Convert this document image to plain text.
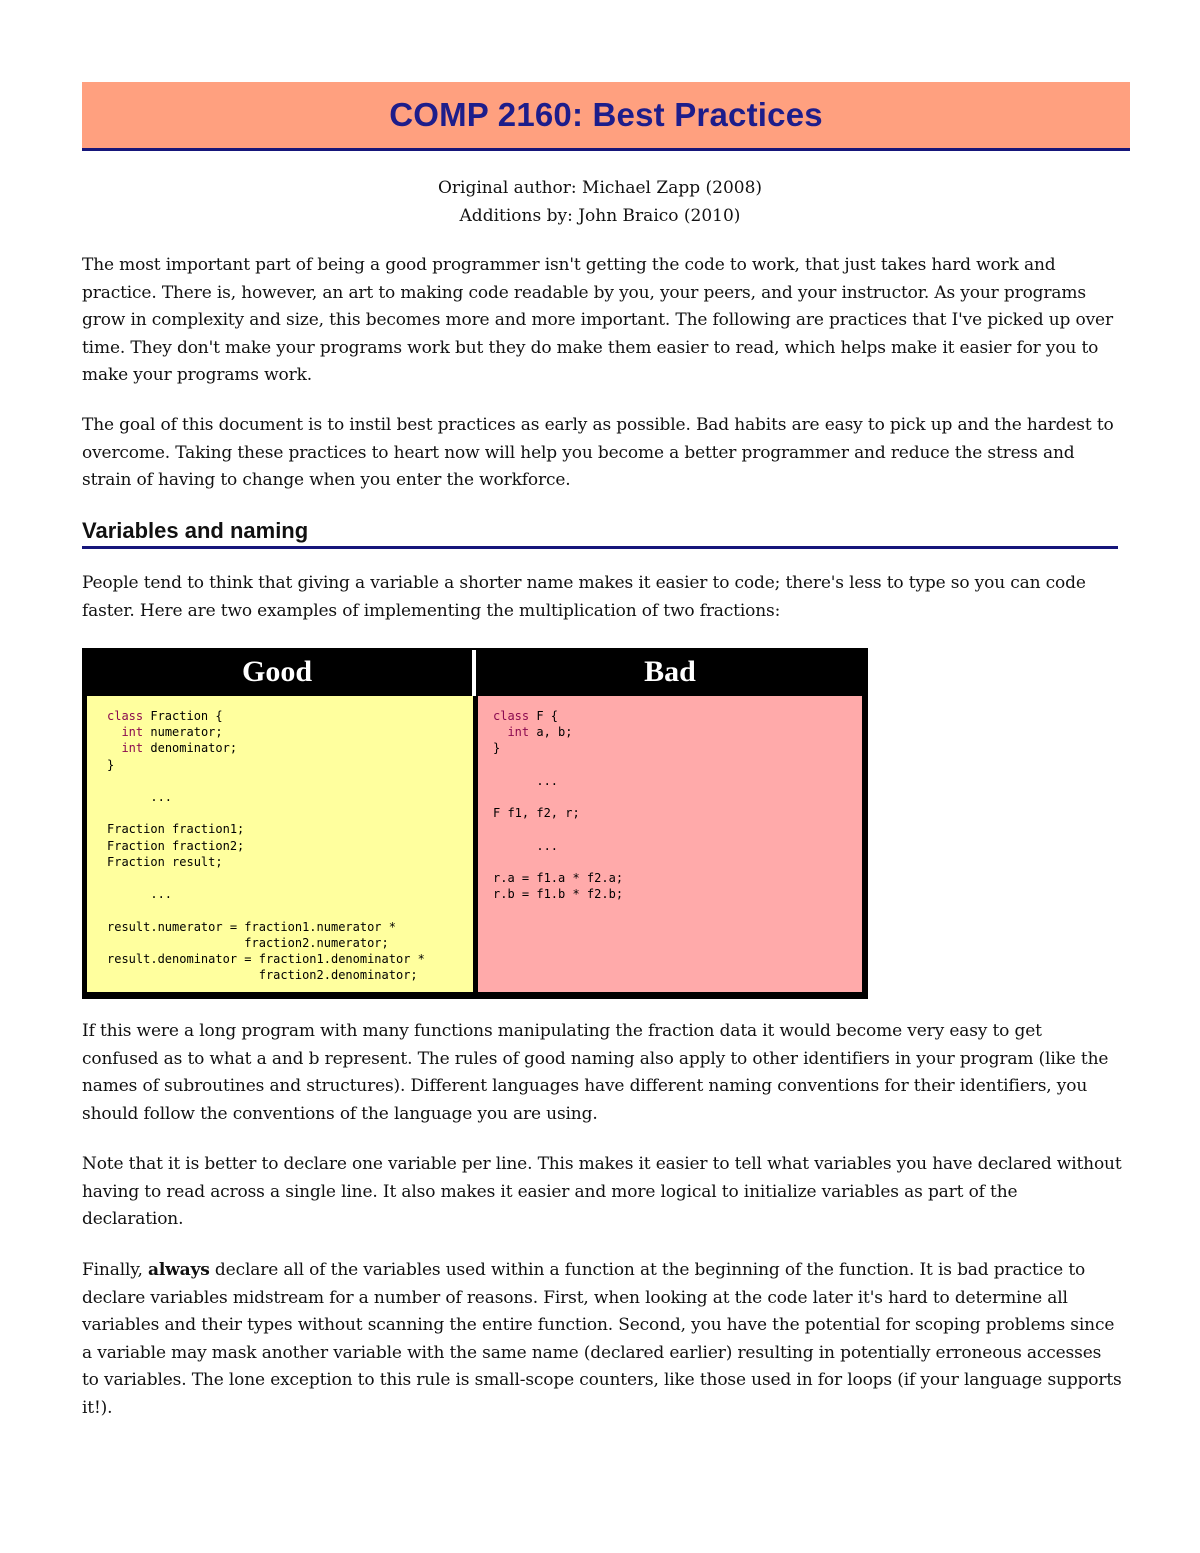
COMP 2160: Best Practices
Original author: Michael Zapp (2008)
Additions by: John Braico (2010)

The most important part of being a good programmer isn't getting the code to work, that just takes hard work and practice. There is, however, an art to making code readable by you, your peers, and your instructor. As your programs grow in complexity and size, this becomes more and more important. The following are practices that I've picked up over time. They don't make your programs work but they do make them easier to read, which helps make it easier for you to make your programs work.

The goal of this document is to instil best practices as early as possible. Bad habits are easy to pick up and the hardest to overcome. Taking these practices to heart now will help you become a better programmer and reduce the stress and strain of having to change when you enter the workforce.

Variables and naming

People tend to think that giving a variable a shorter name makes it easier to code; there's less to type so you can code faster. Here are two examples of implementing the multiplication of two fractions:

Good	Bad
class Fraction {
int numerator;
int denominator;
}

...

Fraction fraction1;
Fraction fraction2;
Fraction result;

...

result.numerator = fraction1.numerator *
fraction2.numerator;
result.denominator = fraction1.denominator *
fraction2.denominator;
class F {
int a, b;
}

...

F f1, f2, r;

...

r.a = f1.a * f2.a;
r.b = f1.b * f2.b;

If this were a long program with many functions manipulating the fraction data it would become very easy to get confused as to what a and b represent. The rules of good naming also apply to other identifiers in your program (like the names of subroutines and structures). Different languages have different naming conventions for their identifiers, you should follow the conventions of the language you are using.

Note that it is better to declare one variable per line. This makes it easier to tell what variables you have declared without having to read across a single line. It also makes it easier and more logical to initialize variables as part of the declaration.

Finally, always declare all of the variables used within a function at the beginning of the function. It is bad practice to declare variables midstream for a number of reasons. First, when looking at the code later it's hard to determine all variables and their types without scanning the entire function. Second, you have the potential for scoping problems since a variable may mask another variable with the same name (declared earlier) resulting in potentially erroneous accesses to variables. The lone exception to this rule is small-scope counters, like those used in for loops (if your language supports it!).
